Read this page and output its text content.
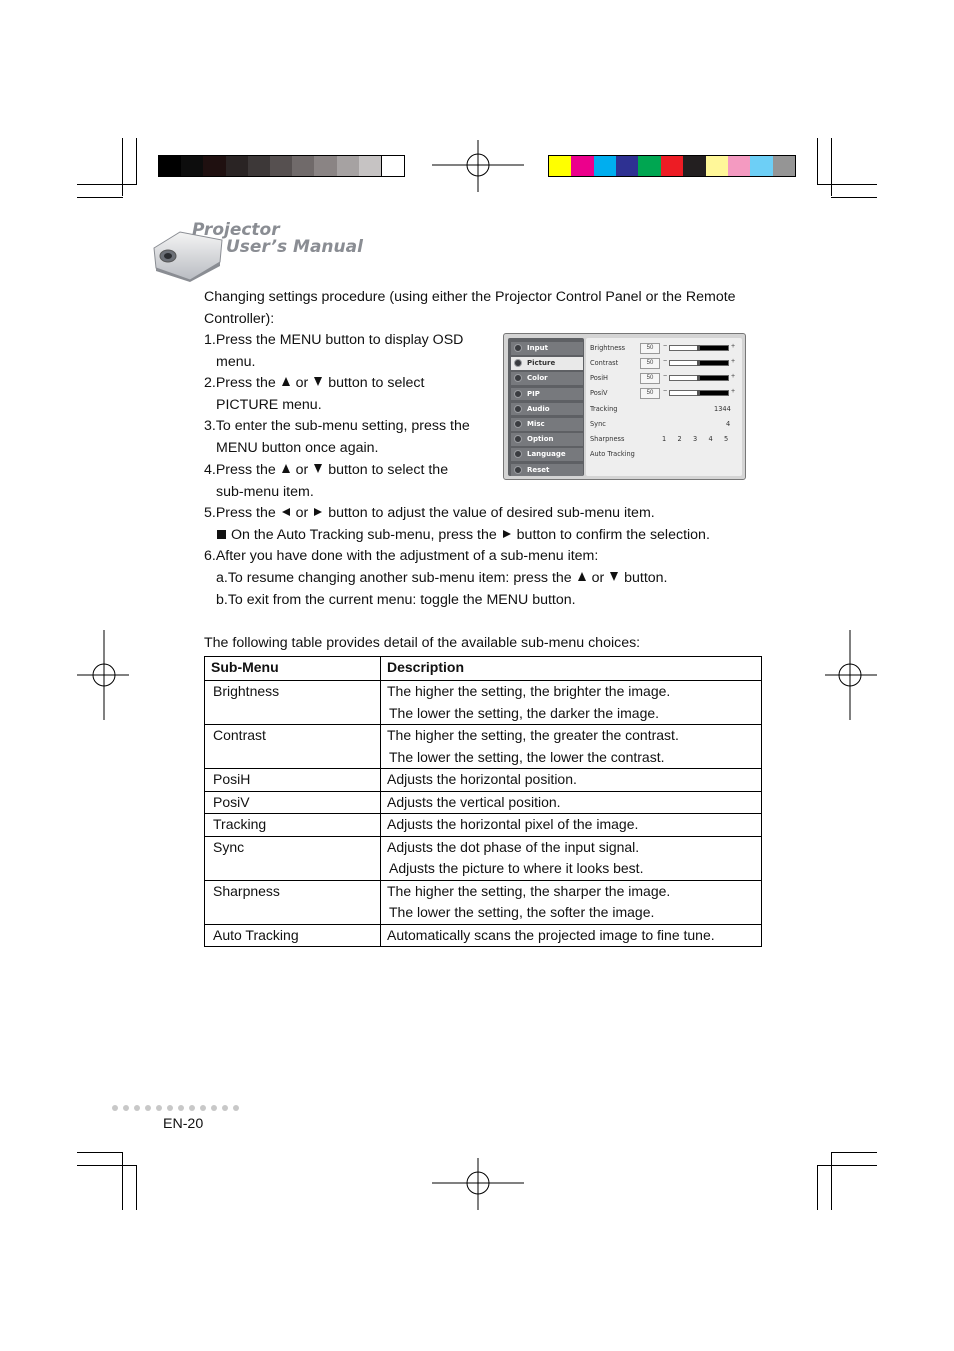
Projector
User’s Manual
Changing settings procedure (using either the Projector Control Panel or the Remote
Controller):
1.Press the MENU button to display OSD
menu.
2.Press the or button to select
PICTURE menu.
3.To enter the sub-menu setting, press the
MENU button once again.
4.Press the or button to select the
sub-menu item.
5.Press the or button to adjust the value of desired sub-menu item.
On the Auto Tracking sub-menu, press the button to confirm the selection.
6.After you have done with the adjustment of a sub-menu item:
a.To resume changing another sub-menu item: press the or button.
b.To exit from the current menu: toggle the MENU button.
Input
Picture
Color
PIP
Audio
Misc
Option
Language
Reset
Brightness	50	−	+
Contrast	50	−	+
PosiH	50	−	+
PosiV	50	−	+
Tracking	1344
Sync	4
Sharpness	1 2 3 4 5
Auto Tracking
The following table provides detail of the available sub-menu choices:
Sub-Menu	Description

Brightness	The higher the setting, the brighter the image.
The lower the setting, the darker the image.

Contrast	The higher the setting, the greater the contrast.
The lower the setting, the lower the contrast.

PosiH	Adjusts the horizontal position.

PosiV	Adjusts the vertical position.

Tracking	Adjusts the horizontal pixel of the image.

Sync	Adjusts the dot phase of the input signal.
Adjusts the picture to where it looks best.

Sharpness	The higher the setting, the sharper the image.
The lower the setting, the softer the image.

Auto Tracking	Automatically scans the projected image to fine tune.
EN-20
